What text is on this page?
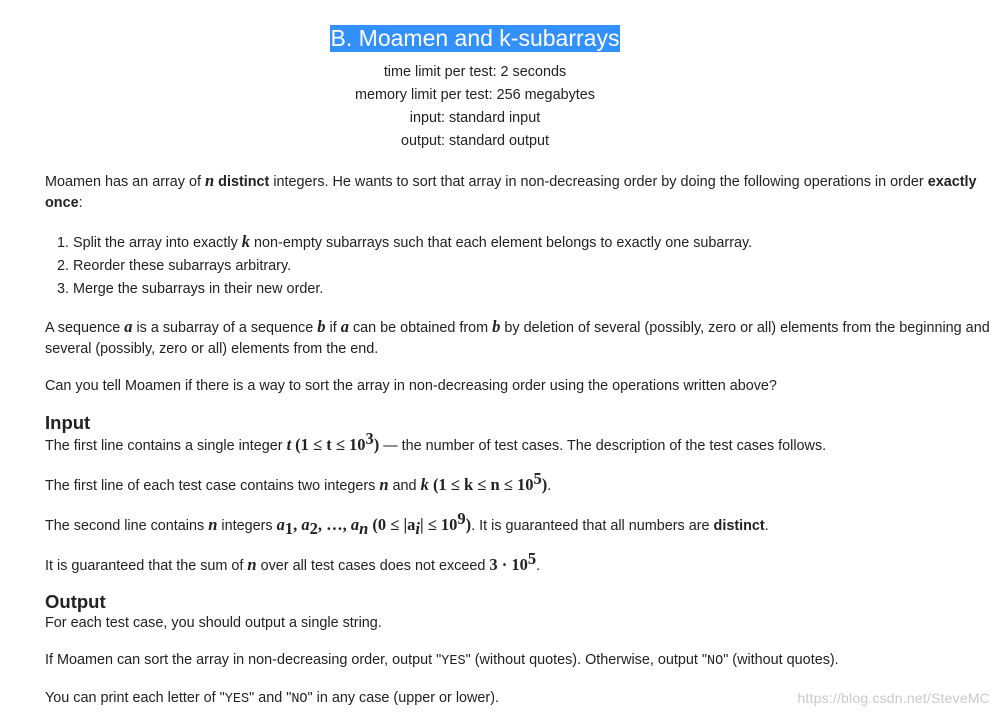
B. Moamen and k-subarrays
time limit per test: 2 seconds
memory limit per test: 256 megabytes
input: standard input
output: standard output

Moamen has an array of n distinct integers. He wants to sort that array in non-decreasing order by doing the following operations in order exactly once:

1. Split the array into exactly k non-empty subarrays such that each element belongs to exactly one subarray.
2. Reorder these subarrays arbitrary.
3. Merge the subarrays in their new order.

A sequence a is a subarray of a sequence b if a can be obtained from b by deletion of several (possibly, zero or all) elements from the beginning and several (possibly, zero or all) elements from the end.

Can you tell Moamen if there is a way to sort the array in non-decreasing order using the operations written above?

Input

The first line contains a single integer t $(1 \le t \le 10^3)$ — the number of test cases. The description of the test cases follows.

The first line of each test case contains two integers n and k $(1 \le k \le n \le 10^5)$.

The second line contains n integers $a_1$, $a_2$, …, $a_n$ $(0 \le |a_i| \le 10^9)$. It is guaranteed that all numbers are distinct.

It is guaranteed that the sum of n over all test cases does not exceed $3 \cdot 10^5$.

Output

For each test case, you should output a single string.

If Moamen can sort the array in non-decreasing order, output "YES" (without quotes). Otherwise, output "NO" (without quotes).

You can print each letter of "YES" and "NO" in any case (upper or lower).	https://blog.csdn.net/SteveMC
